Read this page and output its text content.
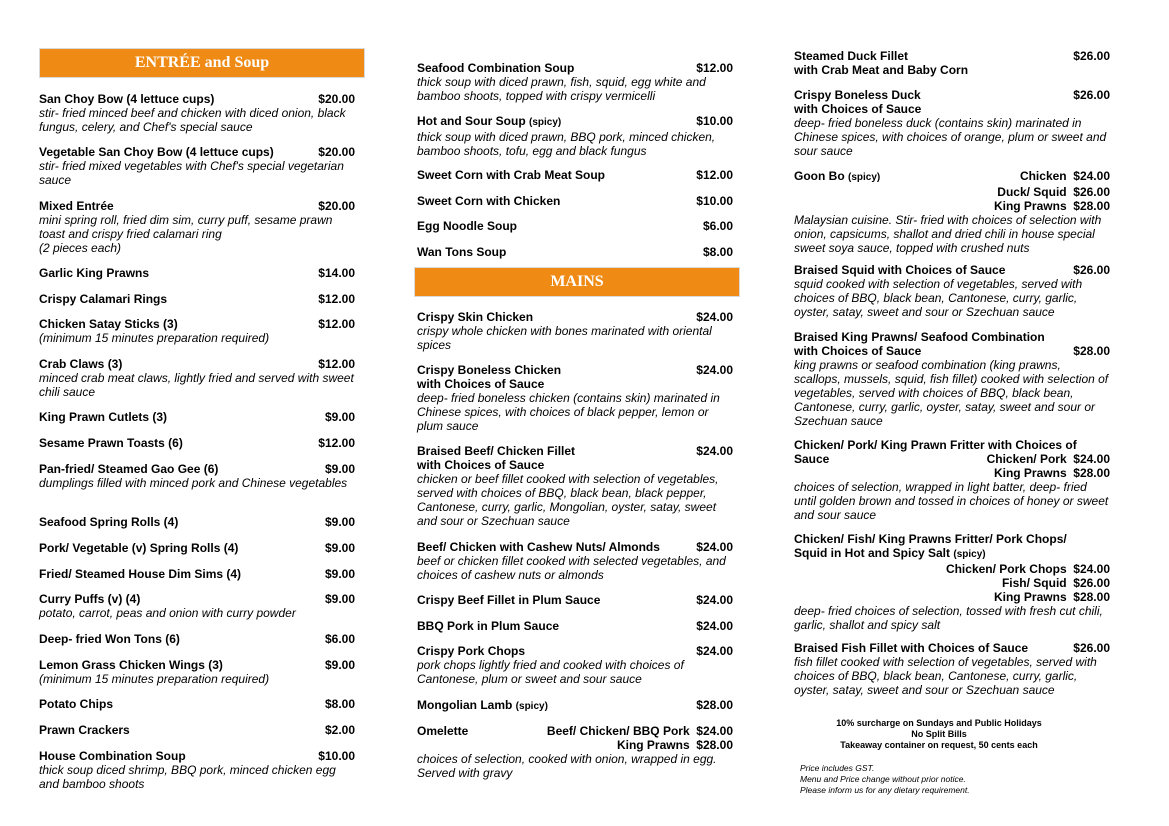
ENTRÉE and Soup
San Choy Bow (4 lettuce cups)	$20.00
stir- fried minced beef and chicken with diced onion, black fungus, celery, and Chef's special sauce
Vegetable San Choy Bow (4 lettuce cups)	$20.00
stir- fried mixed vegetables with Chef's special vegetarian sauce
Mixed Entrée	$20.00
mini spring roll, fried dim sim, curry puff, sesame prawn toast and crispy fried calamari ring
(2 pieces each)
Garlic King Prawns	$14.00
Crispy Calamari Rings	$12.00
Chicken Satay Sticks (3)	$12.00
(minimum 15 minutes preparation required)
Crab Claws (3)	$12.00
minced crab meat claws, lightly fried and served with sweet chili sauce
King Prawn Cutlets (3)	$9.00
Sesame Prawn Toasts (6)	$12.00
Pan-fried/ Steamed Gao Gee (6)	$9.00
dumplings filled with minced pork and Chinese vegetables
Seafood Spring Rolls (4)	$9.00
Pork/ Vegetable (v) Spring Rolls (4)	$9.00
Fried/ Steamed House Dim Sims (4)	$9.00
Curry Puffs (v) (4)	$9.00
potato, carrot, peas and onion with curry powder
Deep- fried Won Tons (6)	$6.00
Lemon Grass Chicken Wings (3)	$9.00
(minimum 15 minutes preparation required)
Potato Chips	$8.00
Prawn Crackers	$2.00
House Combination Soup	$10.00
thick soup diced shrimp, BBQ pork, minced chicken egg and bamboo shoots
Seafood Combination Soup	$12.00
thick soup with diced prawn, fish, squid, egg white and bamboo shoots, topped with crispy vermicelli
Hot and Sour Soup (spicy)	$10.00
thick soup with diced prawn, BBQ pork, minced chicken, bamboo shoots, tofu, egg and black fungus
Sweet Corn with Crab Meat Soup	$12.00
Sweet Corn with Chicken	$10.00
Egg Noodle Soup	$6.00
Wan Tons Soup	$8.00
MAINS
Crispy Skin Chicken	$24.00
crispy whole chicken with bones marinated with oriental spices
Crispy Boneless Chicken	$24.00
with Choices of Sauce
deep- fried boneless chicken (contains skin) marinated in Chinese spices, with choices of black pepper, lemon or plum sauce
Braised Beef/ Chicken Fillet	$24.00
with Choices of Sauce
chicken or beef fillet cooked with selection of vegetables, served with choices of BBQ, black bean, black pepper, Cantonese, curry, garlic, Mongolian, oyster, satay, sweet and sour or Szechuan sauce
Beef/ Chicken with Cashew Nuts/ Almonds	$24.00
beef or chicken fillet cooked with selected vegetables, and choices of cashew nuts or almonds
Crispy Beef Fillet in Plum Sauce	$24.00
BBQ Pork in Plum Sauce	$24.00
Crispy Pork Chops	$24.00
pork chops lightly fried and cooked with choices of Cantonese, plum or sweet and sour sauce
Mongolian Lamb (spicy)	$28.00
Omelette	Beef/ Chicken/ BBQ Pork  $24.00
King Prawns  $28.00
choices of selection, cooked with onion, wrapped in egg. Served with gravy
Steamed Duck Fillet	$26.00
with Crab Meat and Baby Corn
Crispy Boneless Duck	$26.00
with Choices of Sauce
deep- fried boneless duck (contains skin) marinated in Chinese spices, with choices of orange, plum or sweet and sour sauce
Goon Bo (spicy)	Chicken  $24.00
Duck/ Squid  $26.00
King Prawns  $28.00
Malaysian cuisine. Stir- fried with choices of selection with onion, capsicums, shallot and dried chili in house special sweet soya sauce, topped with crushed nuts
Braised Squid with Choices of Sauce	$26.00
squid cooked with selection of vegetables, served with choices of BBQ, black bean, Cantonese, curry, garlic, oyster, satay, sweet and sour or Szechuan sauce
Braised King Prawns/ Seafood Combination
with Choices of Sauce	$28.00
king prawns or seafood combination (king prawns, scallops, mussels, squid, fish fillet) cooked with selection of vegetables, served with choices of BBQ, black bean, Cantonese, curry, garlic, oyster, satay, sweet and sour or Szechuan sauce
Chicken/ Pork/ King Prawn Fritter with Choices of
Sauce	Chicken/ Pork  $24.00
King Prawns  $28.00
choices of selection, wrapped in light batter, deep- fried until golden brown and tossed in choices of honey or sweet and sour sauce
Chicken/ Fish/ King Prawns Fritter/ Pork Chops/
Squid in Hot and Spicy Salt (spicy)
Chicken/ Pork Chops  $24.00
Fish/ Squid  $26.00
King Prawns  $28.00
deep- fried choices of selection, tossed with fresh cut chili, garlic, shallot and spicy salt
Braised Fish Fillet with Choices of Sauce	$26.00
fish fillet cooked with selection of vegetables, served with choices of BBQ, black bean, Cantonese, curry, garlic, oyster, satay, sweet and sour or Szechuan sauce
10% surcharge on Sundays and Public Holidays
No Split Bills
Takeaway container on request, 50 cents each
Price includes GST.
Menu and Price change without prior notice.
Please inform us for any dietary requirement.
